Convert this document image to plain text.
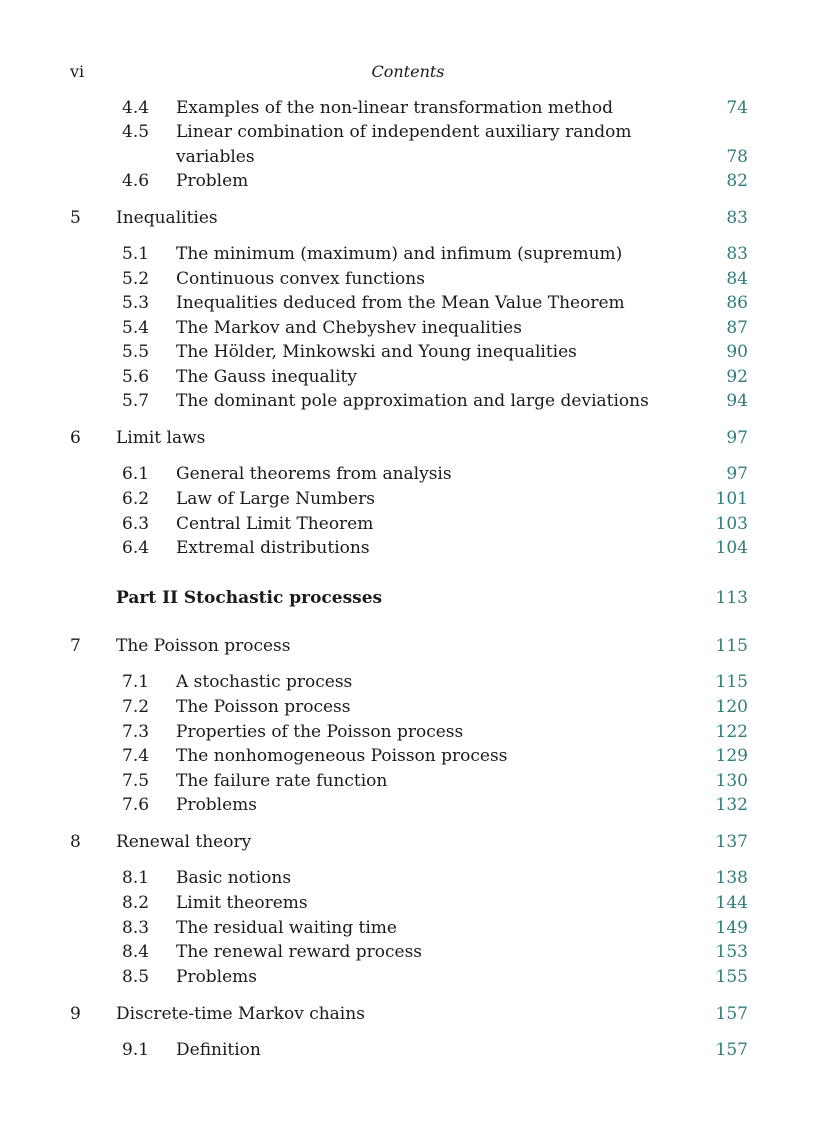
vi	Contents
4.4 Examples of the non-linear transformation method	74
4.5 Linear combination of independent auxiliary random
variables	78
4.6 Problem	82
5 Inequalities	83
5.1 The minimum (maximum) and infimum (supremum)	83
5.2 Continuous convex functions	84
5.3 Inequalities deduced from the Mean Value Theorem	86
5.4 The Markov and Chebyshev inequalities	87
5.5 The Hölder, Minkowski and Young inequalities	90
5.6 The Gauss inequality	92
5.7 The dominant pole approximation and large deviations	94
6 Limit laws	97
6.1 General theorems from analysis	97
6.2 Law of Large Numbers	101
6.3 Central Limit Theorem	103
6.4 Extremal distributions	104
Part II Stochastic processes	113
7 The Poisson process	115
7.1 A stochastic process	115
7.2 The Poisson process	120
7.3 Properties of the Poisson process	122
7.4 The nonhomogeneous Poisson process	129
7.5 The failure rate function	130
7.6 Problems	132
8 Renewal theory	137
8.1 Basic notions	138
8.2 Limit theorems	144
8.3 The residual waiting time	149
8.4 The renewal reward process	153
8.5 Problems	155
9 Discrete-time Markov chains	157
9.1 Definition	157
